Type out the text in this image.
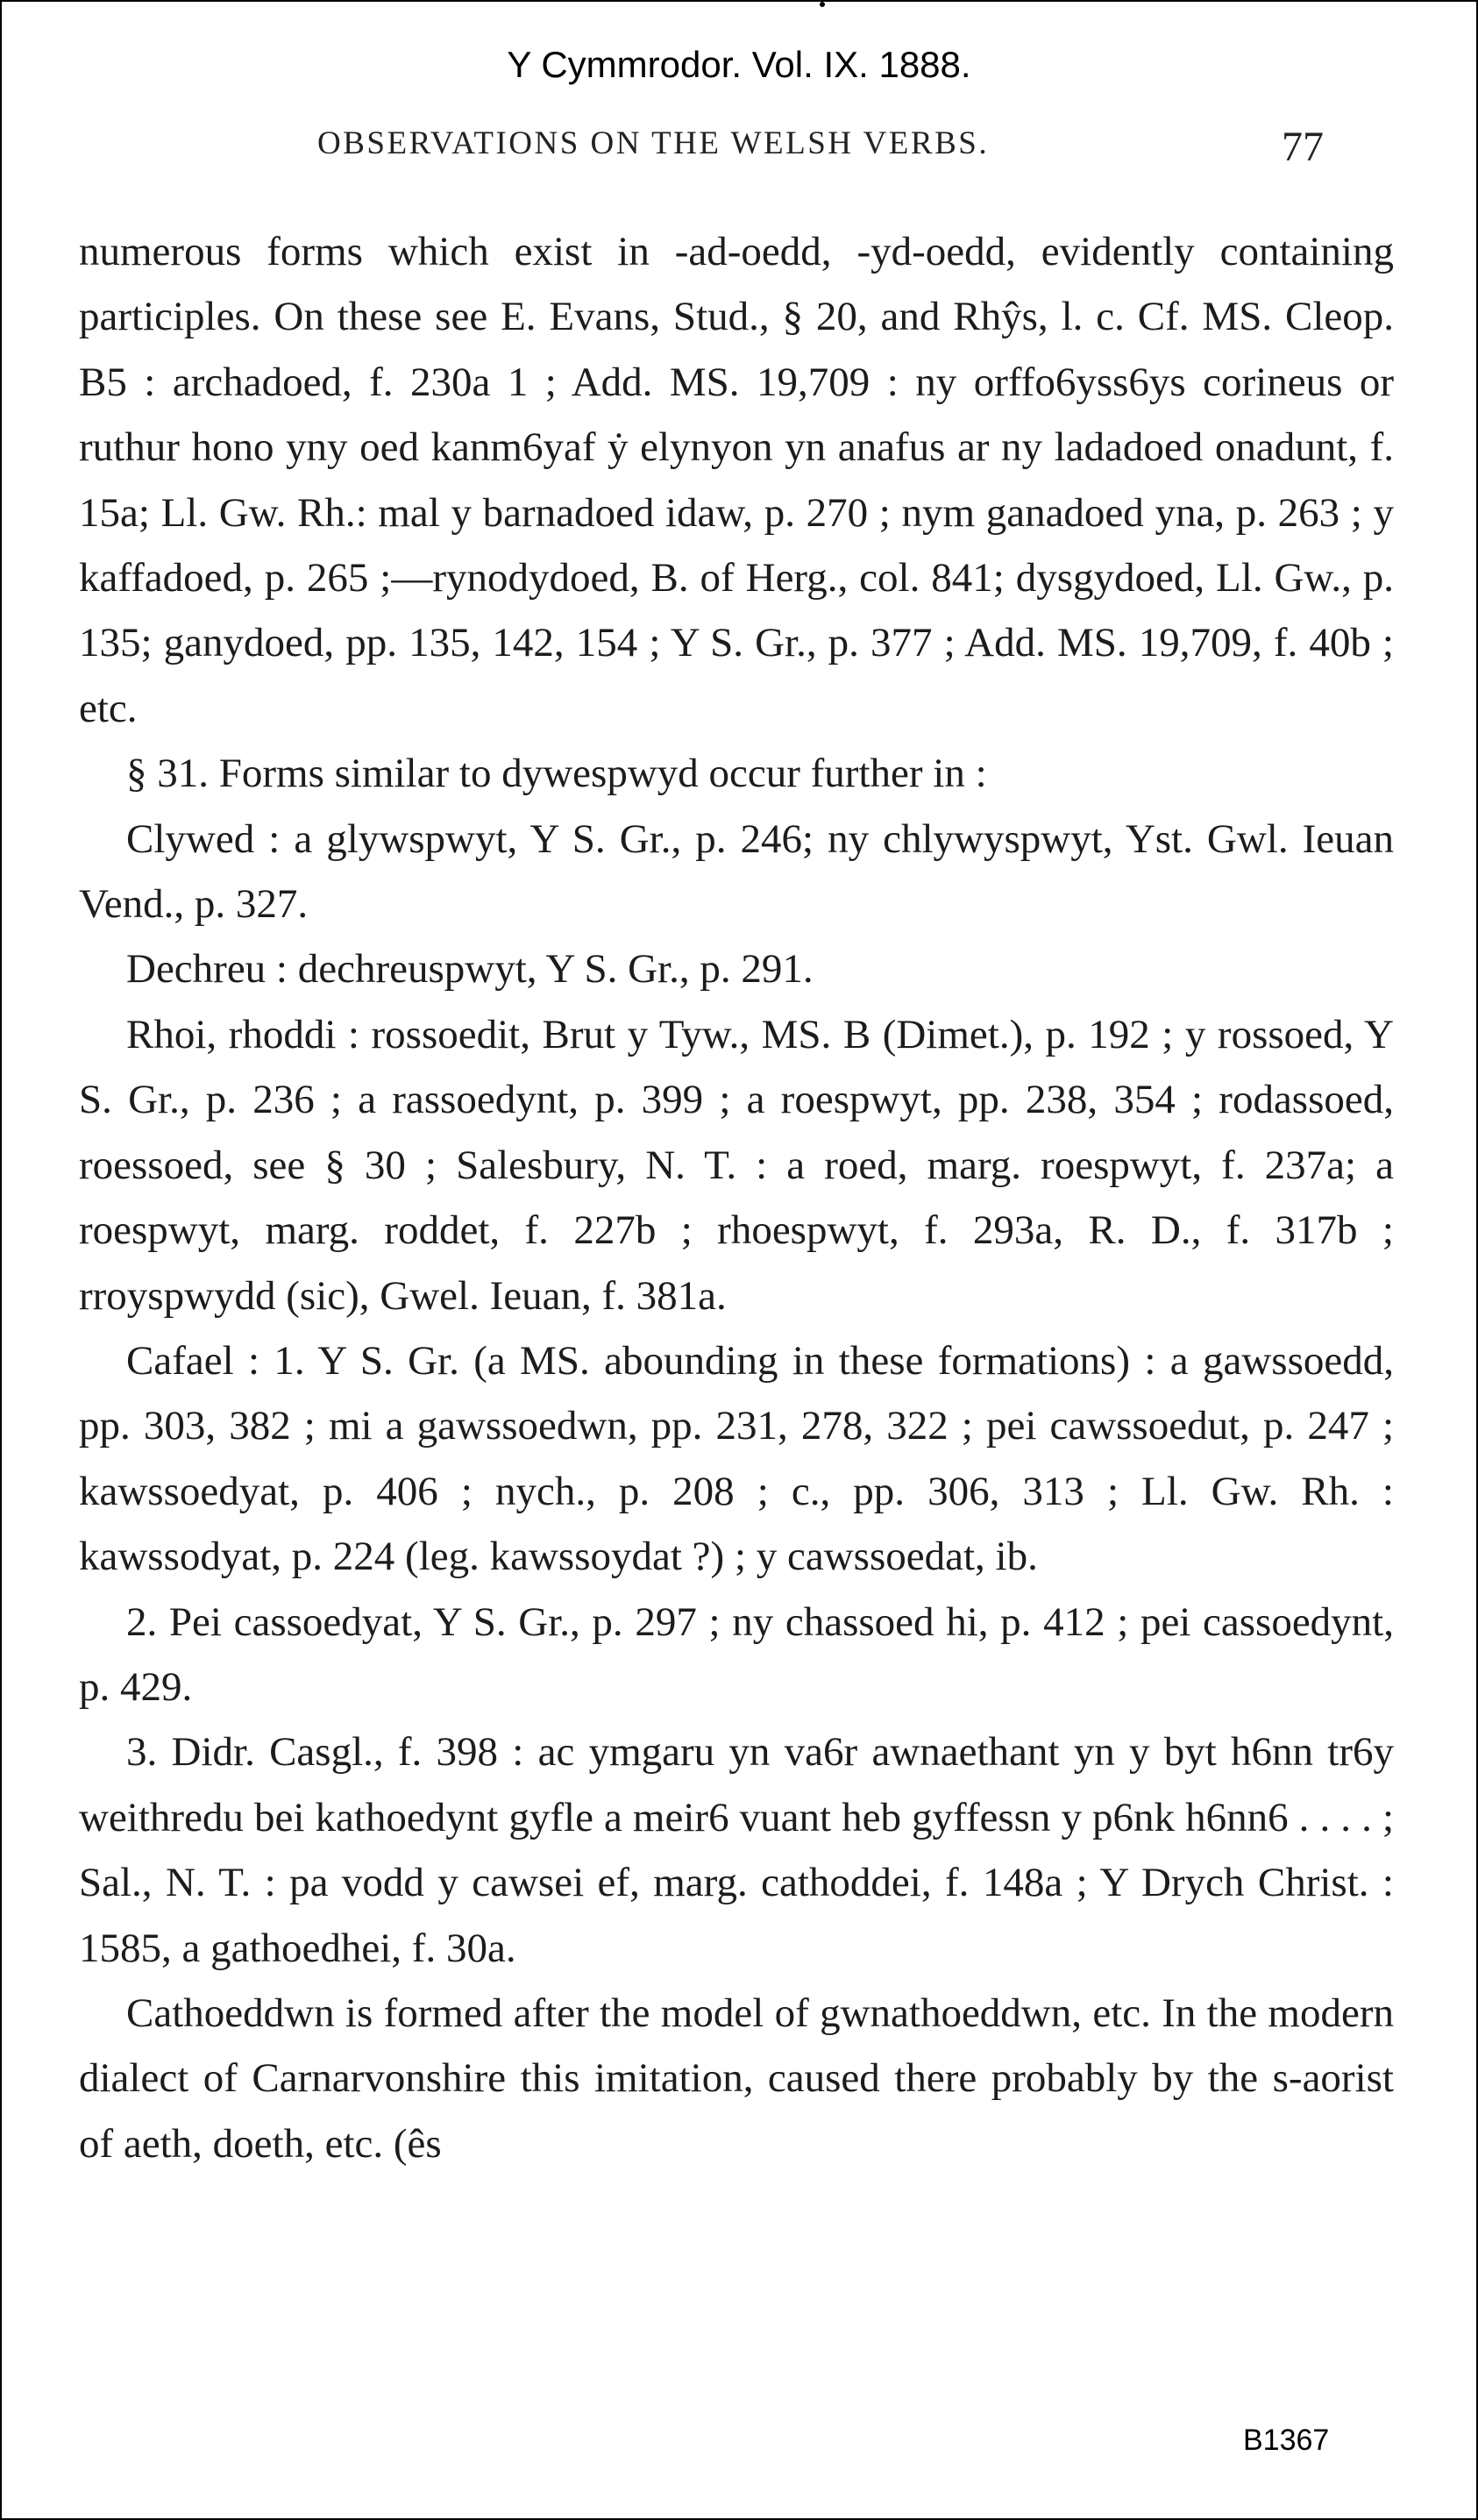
Y Cymmrodor. Vol. IX. 1888.
OBSERVATIONS ON THE WELSH VERBS.	77

numerous forms which exist in -ad-oedd, -yd-oedd, evidently containing participles. On these see E. Evans, Stud., § 20, and Rhŷs, l. c. Cf. MS. Cleop. B5 : archadoed, f. 230a 1 ; Add. MS. 19,709 : ny orffo6yss6ys corineus or ruthur hono yny oed kanm6yaf ẏ elynyon yn anafus ar ny ladadoed onadunt, f. 15a; Ll. Gw. Rh.: mal y barnadoed idaw, p. 270 ; nym ganadoed yna, p. 263 ; y kaffadoed, p. 265 ;—rynodydoed, B. of Herg., col. 841; dysgydoed, Ll. Gw., p. 135; ganydoed, pp. 135, 142, 154 ; Y S. Gr., p. 377 ; Add. MS. 19,709, f. 40b ; etc.

§ 31. Forms similar to dywespwyd occur further in :

Clywed : a glywspwyt, Y S. Gr., p. 246; ny chlywyspwyt, Yst. Gwl. Ieuan Vend., p. 327.

Dechreu : dechreuspwyt, Y S. Gr., p. 291.

Rhoi, rhoddi : rossoedit, Brut y Tyw., MS. B (Dimet.), p. 192 ; y rossoed, Y S. Gr., p. 236 ; a rassoedynt, p. 399 ; a roespwyt, pp. 238, 354 ; rodassoed, roessoed, see § 30 ; Salesbury, N. T. : a roed, marg. roespwyt, f. 237a; a roespwyt, marg. roddet, f. 227b ; rhoespwyt, f. 293a, R. D., f. 317b ; rroyspwydd (sic), Gwel. Ieuan, f. 381a.

Cafael : 1. Y S. Gr. (a MS. abounding in these formations) : a gawssoedd, pp. 303, 382 ; mi a gawssoedwn, pp. 231, 278, 322 ; pei cawssoedut, p. 247 ; kawssoedyat, p. 406 ; nych., p. 208 ; c., pp. 306, 313 ; Ll. Gw. Rh. : kawssodyat, p. 224 (leg. kawssoydat ?) ; y cawssoedat, ib.

2. Pei cassoedyat, Y S. Gr., p. 297 ; ny chassoed hi, p. 412 ; pei cassoedynt, p. 429.

3. Didr. Casgl., f. 398 : ac ymgaru yn va6r awnaethant yn y byt h6nn tr6y weithredu bei kathoedynt gyfle a meir6 vuant heb gyffessn y p6nk h6nn6 . . . . ; Sal., N. T. : pa vodd y cawsei ef, marg. cathoddei, f. 148a ; Y Drych Christ. : 1585, a gathoedhei, f. 30a.

Cathoeddwn is formed after the model of gwnathoeddwn, etc. In the modern dialect of Carnarvonshire this imitation, caused there probably by the s-aorist of aeth, doeth, etc. (ês

B1367
